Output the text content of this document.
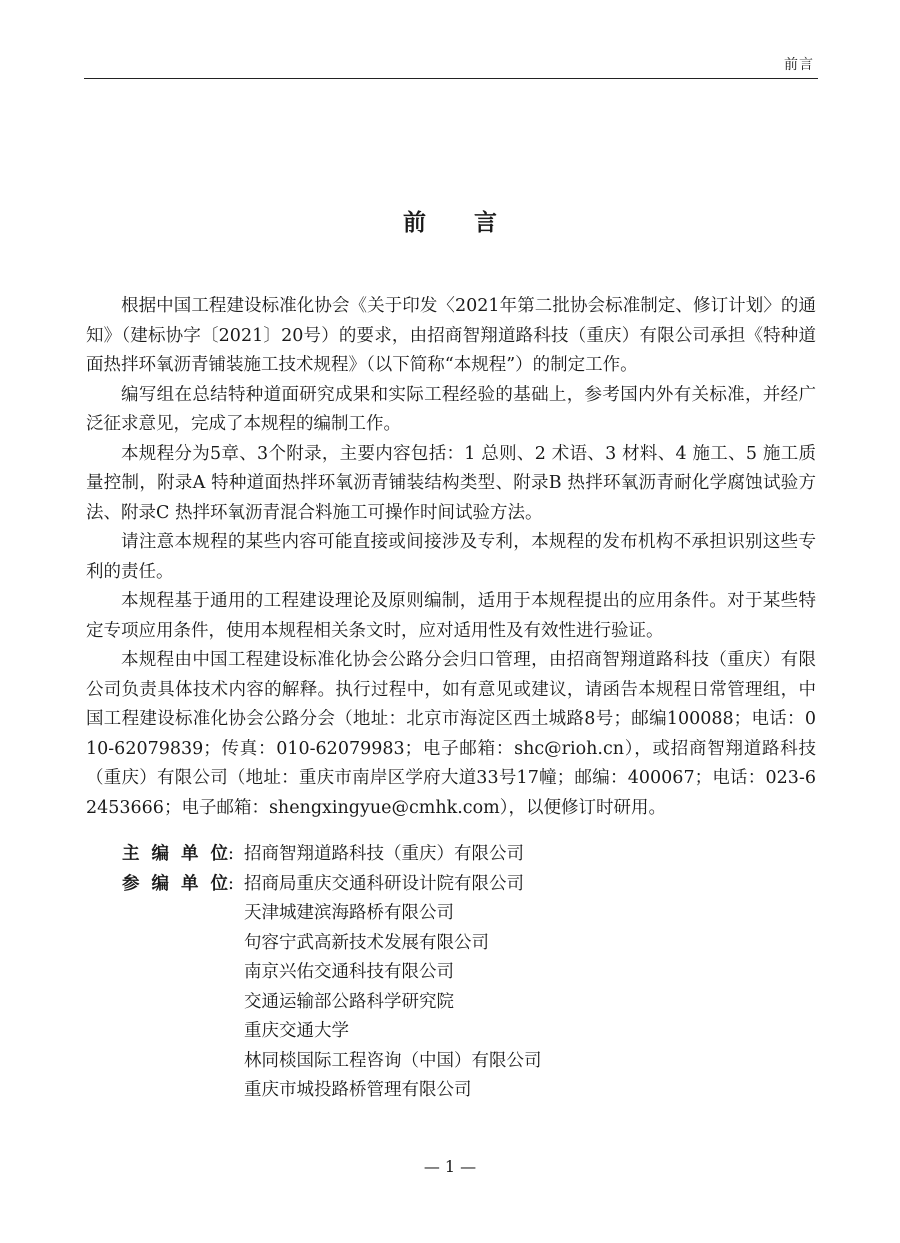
前言
前言

根据中国工程建设标准化协会《关于印发〈2021年第二批协会标准制定、修订计划〉的通知》（建标协字〔2021〕20号）的要求，由招商智翔道路科技（重庆）有限公司承担《特种道面热拌环氧沥青铺装施工技术规程》（以下简称“本规程”）的制定工作。

编写组在总结特种道面研究成果和实际工程经验的基础上，参考国内外有关标准，并经广泛征求意见，完成了本规程的编制工作。

本规程分为5章、3个附录，主要内容包括：1 总则、2 术语、3 材料、4 施工、5 施工质量控制，附录A 特种道面热拌环氧沥青铺装结构类型、附录B 热拌环氧沥青耐化学腐蚀试验方法、附录C 热拌环氧沥青混合料施工可操作时间试验方法。

请注意本规程的某些内容可能直接或间接涉及专利，本规程的发布机构不承担识别这些专利的责任。

本规程基于通用的工程建设理论及原则编制，适用于本规程提出的应用条件。对于某些特定专项应用条件，使用本规程相关条文时，应对适用性及有效性进行验证。

本规程由中国工程建设标准化协会公路分会归口管理，由招商智翔道路科技（重庆）有限公司负责具体技术内容的解释。执行过程中，如有意见或建议，请函告本规程日常管理组，中国工程建设标准化协会公路分会（地址：北京市海淀区西土城路8号；邮编100088；电话：010-62079839；传真：010-62079983；电子邮箱：shc@rioh.cn），或招商智翔道路科技（重庆）有限公司（地址：重庆市南岸区学府大道33号17幢；邮编：400067；电话：023-62453666；电子邮箱：shengxingyue@cmhk.com），以便修订时研用。

主 编 单 位 : 招商智翔道路科技（重庆）有限公司
参 编 单 位 : 招商局重庆交通科研设计院有限公司
天津城建滨海路桥有限公司
句容宁武高新技术发展有限公司
南京兴佑交通科技有限公司
交通运输部公路科学研究院
重庆交通大学
林同棪国际工程咨询（中国）有限公司
重庆市城投路桥管理有限公司
— 1 —
